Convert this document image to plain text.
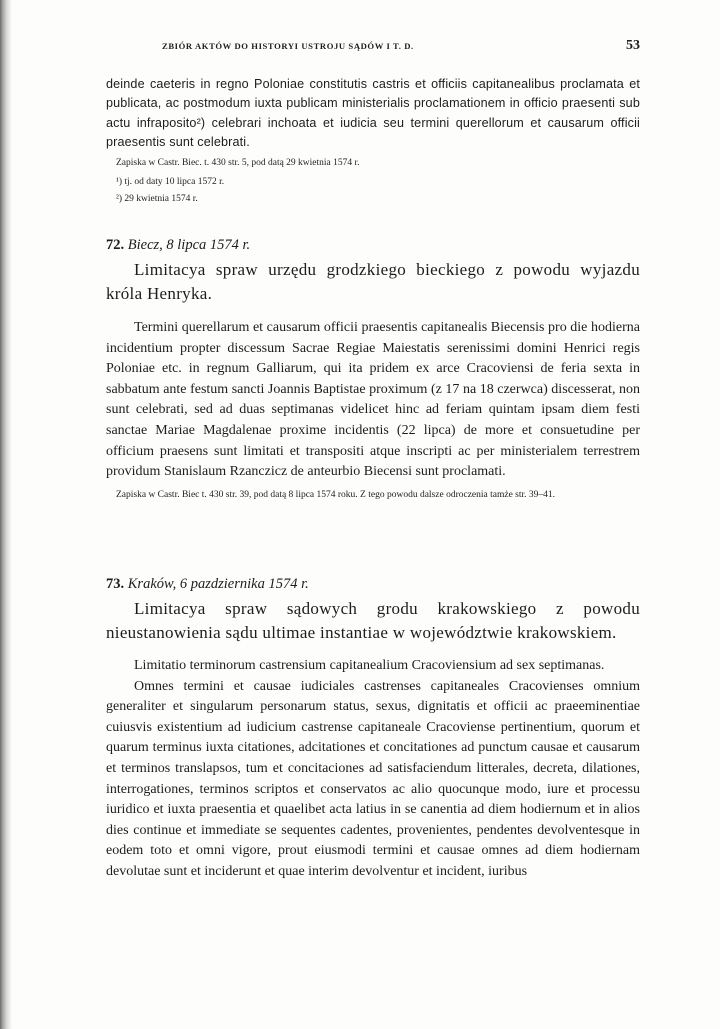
ZBIÓR AKTÓW DO HISTORYI USTROJU SĄDÓW I T. D.	53

deinde caeteris in regno Poloniae constitutis castris et officiis capitanealibus proclamata et publicata, ac postmodum iuxta publicam ministerialis proclamationem in officio praesenti sub actu infraposito²) celebrari inchoata et iudicia seu termini querellorum et causarum officii praesentis sunt celebrati.

Zapiska w Castr. Biec. t. 430 str. 5, pod datą 29 kwietnia 1574 r.

¹) tj. od daty 10 lipca 1572 r.

²) 29 kwietnia 1574 r.

72. Biecz, 8 lipca 1574 r.

Limitacya spraw urzędu grodzkiego bieckiego z powodu wyjazdu króla Henryka.

Termini querellarum et causarum officii praesentis capitanealis Biecensis pro die hodierna incidentium propter discessum Sacrae Regiae Maiestatis serenissimi domini Henrici regis Poloniae etc. in regnum Galliarum, qui ita pridem ex arce Cracoviensi de feria sexta in sabbatum ante festum sancti Joannis Baptistae proximum (z 17 na 18 czerwca) discesserat, non sunt celebrati, sed ad duas septimanas videlicet hinc ad feriam quintam ipsam diem festi sanctae Mariae Magdalenae proxime incidentis (22 lipca) de more et consuetudine per officium praesens sunt limitati et transpositi atque inscripti ac per ministerialem terrestrem providum Stanislaum Rzanczicz de anteurbio Biecensi sunt proclamati.

Zapiska w Castr. Biec t. 430 str. 39, pod datą 8 lipca 1574 roku. Z tego powodu dalsze odroczenia tamże str. 39–41.

73. Kraków, 6 pazdziernika 1574 r.

Limitacya spraw sądowych grodu krakowskiego z powodu nieustanowienia sądu ultimae instantiae w województwie krakowskiem.

Limitatio terminorum castrensium capitanealium Cracoviensium ad sex septimanas.

Omnes termini et causae iudiciales castrenses capitaneales Cracovienses omnium generaliter et singularum personarum status, sexus, dignitatis et officii ac praeeminentiae cuiusvis existentium ad iudicium castrense capitaneale Cracoviense pertinentium, quorum et quarum terminus iuxta citationes, adcitationes et concitationes ad punctum causae et causarum et terminos translapsos, tum et concitaciones ad satisfaciendum litterales, decreta, dilationes, interrogationes, terminos scriptos et conservatos ac alio quocunque modo, iure et processu iuridico et iuxta praesentia et quaelibet acta latius in se canentia ad diem hodiernum et in alios dies continue et immediate se sequentes cadentes, provenientes, pendentes devolventesque in eodem toto et omni vigore, prout eiusmodi termini et causae omnes ad diem hodiernam devolutae sunt et inciderunt et quae interim devolventur et incident, iuribus
